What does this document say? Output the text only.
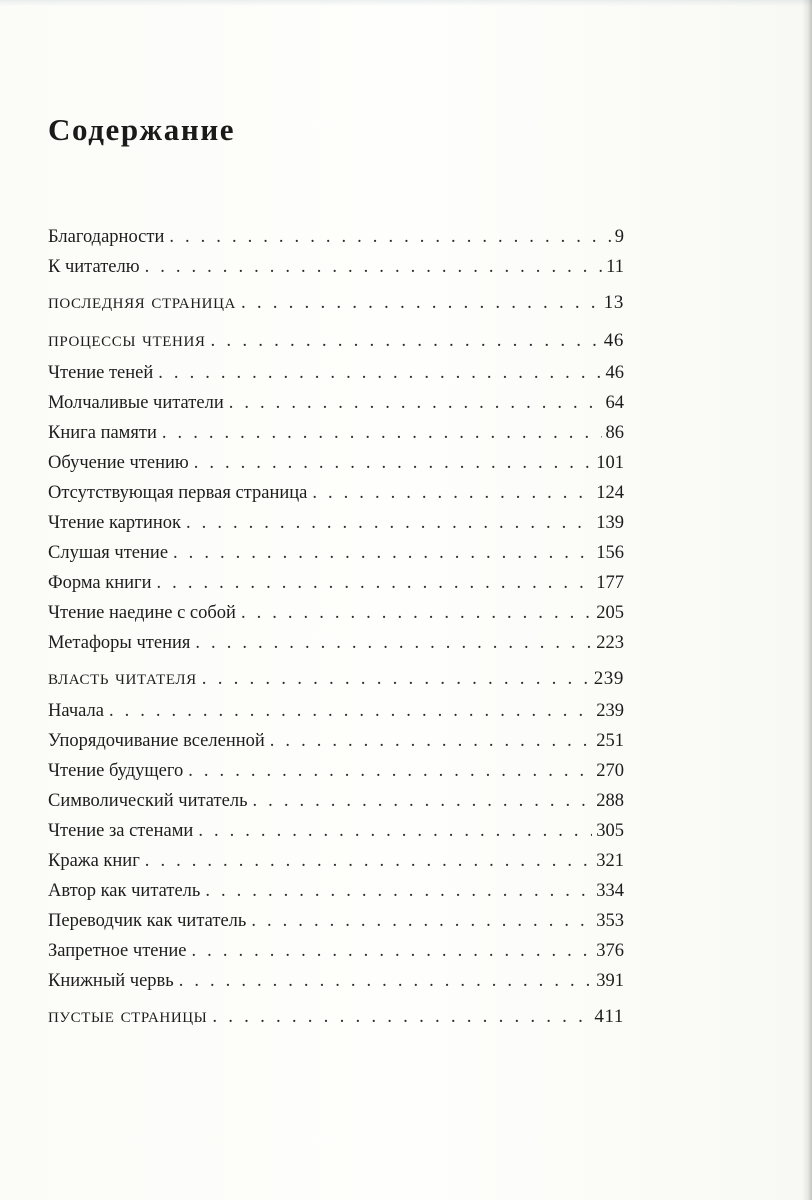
Содержание
Благодарности . . .	9
К читателю . . .	11
последняя страница . . .	13
процессы чтения . . .	46
Чтение теней . . .	46
Молчаливые читатели . . .	64
Книга памяти . . .	86
Обучение чтению . . .	101
Отсутствующая первая страница . . .	124
Чтение картинок . . .	139
Слушая чтение . . .	156
Форма книги . . .	177
Чтение наедине с собой . . .	205
Метафоры чтения . . .	223
власть читателя . . .	239
Начала . . .	239
Упорядочивание вселенной . . .	251
Чтение будущего . . .	270
Символический читатель . . .	288
Чтение за стенами . . .	305
Кража книг . . .	321
Автор как читатель . . .	334
Переводчик как читатель . . .	353
Запретное чтение . . .	376
Книжный червь . . .	391
пустые страницы . . .	411
